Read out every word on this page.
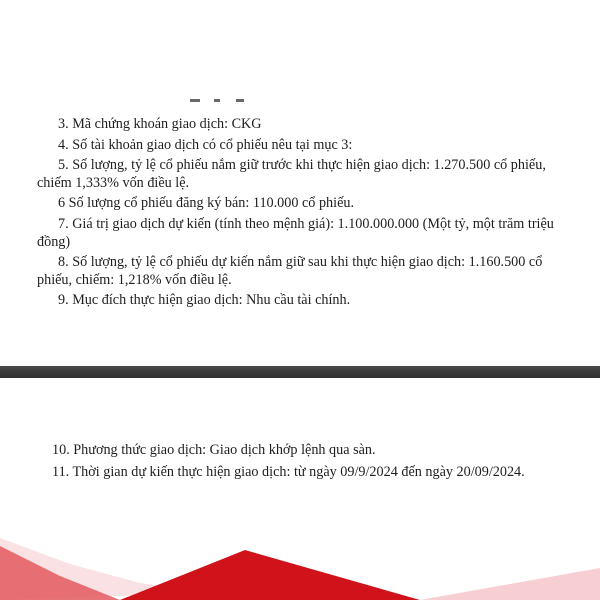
3. Mã chứng khoán giao dịch: CKG
4. Số tài khoản giao dịch có cổ phiếu nêu tại mục 3:
5. Số lượng, tỷ lệ cổ phiếu nắm giữ trước khi thực hiện giao dịch: 1.270.500 cổ phiếu,
chiếm 1,333% vốn điều lệ.
6 Số lượng cổ phiếu đăng ký bán: 110.000 cổ phiếu.
7. Giá trị giao dịch dự kiến (tính theo mệnh giá): 1.100.000.000 (Một tỷ, một trăm triệu
đồng)
8. Số lượng, tỷ lệ cổ phiếu dự kiến nắm giữ sau khi thực hiện giao dịch: 1.160.500 cổ
phiếu, chiếm: 1,218% vốn điều lệ.
9. Mục đích thực hiện giao dịch: Nhu cầu tài chính.
10. Phương thức giao dịch: Giao dịch khớp lệnh qua sàn.
11. Thời gian dự kiến thực hiện giao dịch: từ ngày 09/9/2024 đến ngày 20/09/2024.
